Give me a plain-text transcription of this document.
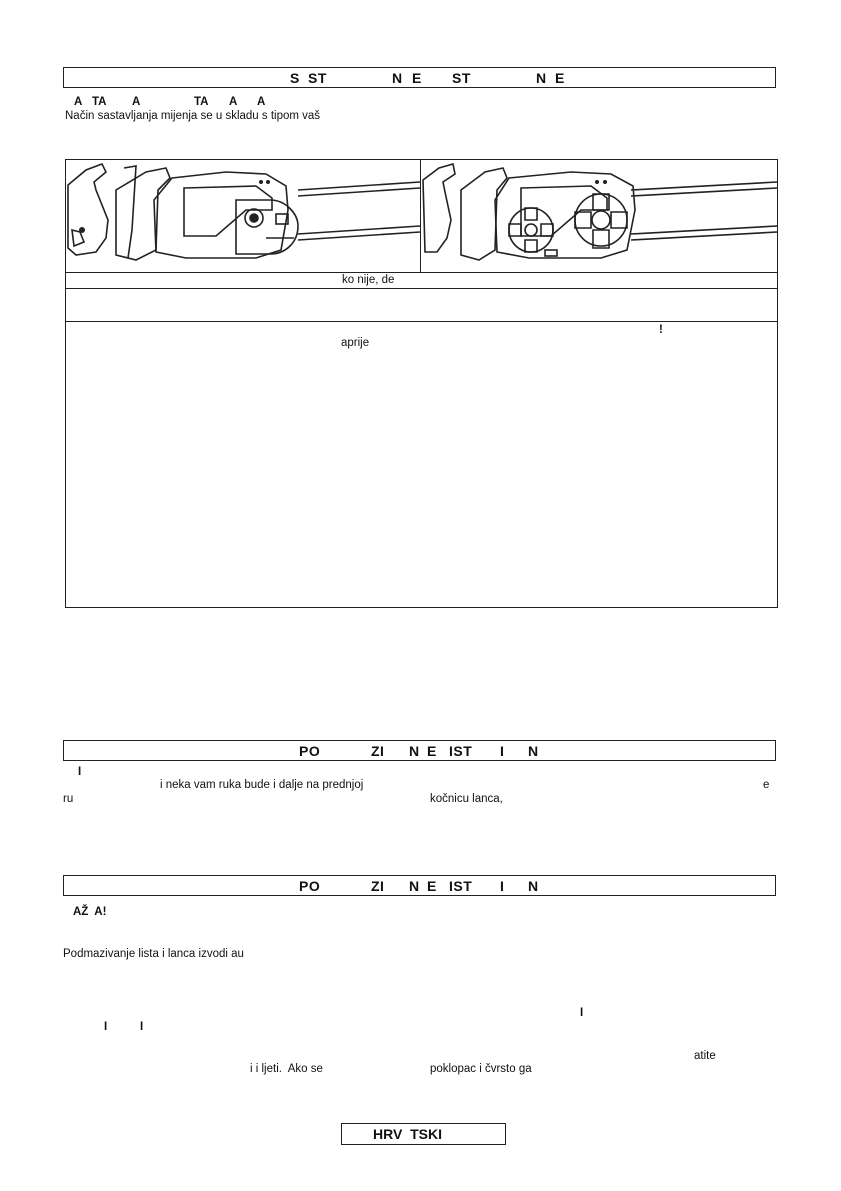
S ST	N E ST	N E
A TA A	TA A A
Način sastavljanja mijenja se u skladu s tipom vaš
ko nije, de
!
aprije
PO	ZI N E IST I N
I
i neka vam ruka bude i dalje na prednjoj	e
ru	kočnicu lanca,
PO	ZI N E IST I N
AŽ  A!
Podmazivanje lista i lanca izvodi au
I
I	I
atite
i i ljeti.  Ako se	poklopac i čvrsto ga
HRV  TSKI
